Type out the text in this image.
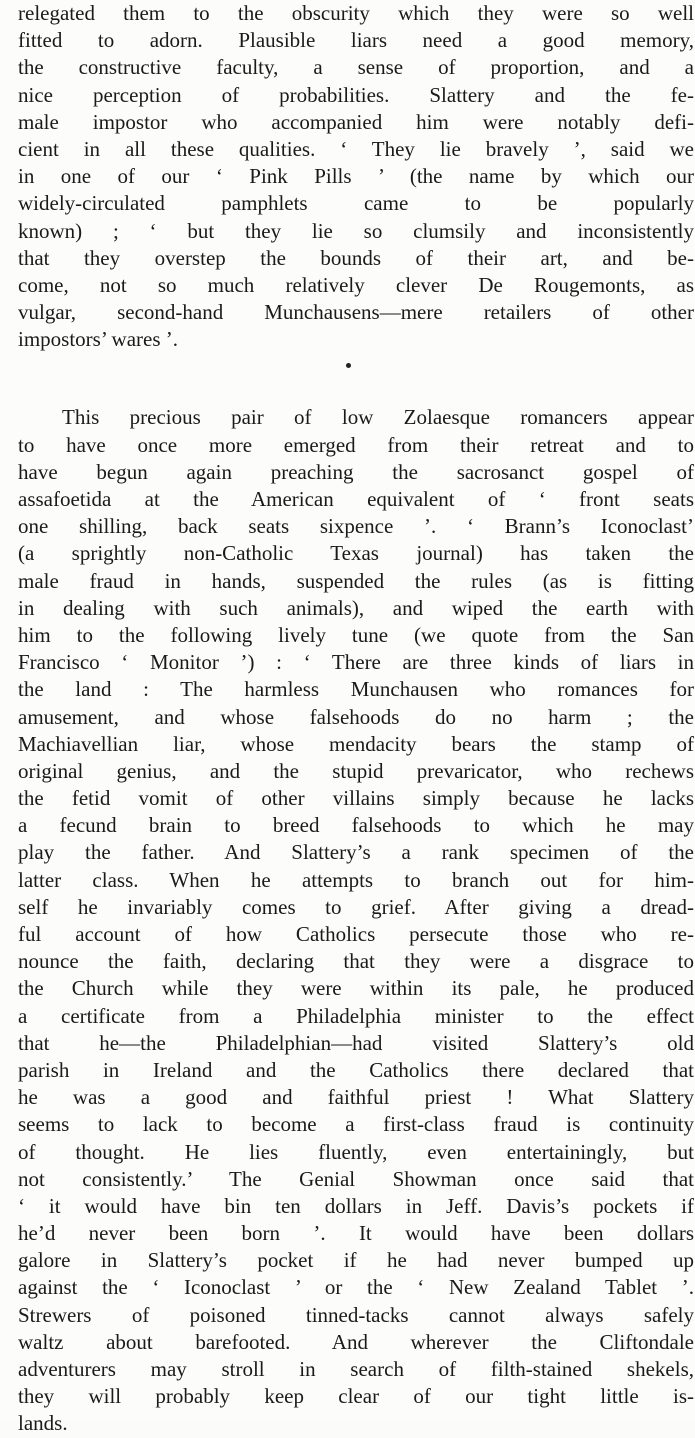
relegated them to the obscurity which they were so well
fitted to adorn. Plausible liars need a good memory,
the constructive faculty, a sense of proportion, and a
nice perception of probabilities. Slattery and the fe-
male impostor who accompanied him were notably defi-
cient in all these qualities. ‘ They lie bravely ’, said we
in one of our ‘ Pink Pills ’ (the name by which our
widely-circulated pamphlets came to be popularly
known) ; ‘ but they lie so clumsily and inconsistently
that they overstep the bounds of their art, and be-
come, not so much relatively clever De Rougemonts, as
vulgar, second-hand Munchausens—mere retailers of other
impostors’ wares ’.
This precious pair of low Zolaesque romancers appear
to have once more emerged from their retreat and to
have begun again preaching the sacrosanct gospel of
assafoetida at the American equivalent of ‘ front seats
one shilling, back seats sixpence ’. ‘ Brann’s Iconoclast’
(a sprightly non-Catholic Texas journal) has taken the
male fraud in hands, suspended the rules (as is fitting
in dealing with such animals), and wiped the earth with
him to the following lively tune (we quote from the San
Francisco ‘ Monitor ’) : ‘ There are three kinds of liars in
the land : The harmless Munchausen who romances for
amusement, and whose falsehoods do no harm ; the
Machiavellian liar, whose mendacity bears the stamp of
original genius, and the stupid prevaricator, who rechews
the fetid vomit of other villains simply because he lacks
a fecund brain to breed falsehoods to which he may
play the father. And Slattery’s a rank specimen of the
latter class. When he attempts to branch out for him-
self he invariably comes to grief. After giving a dread-
ful account of how Catholics persecute those who re-
nounce the faith, declaring that they were a disgrace to
the Church while they were within its pale, he produced
a certificate from a Philadelphia minister to the effect
that he—the Philadelphian—had visited Slattery’s old
parish in Ireland and the Catholics there declared that
he was a good and faithful priest ! What Slattery
seems to lack to become a first-class fraud is continuity
of thought. He lies fluently, even entertainingly, but
not consistently.’ The Genial Showman once said that
‘ it would have bin ten dollars in Jeff. Davis’s pockets if
he’d never been born ’. It would have been dollars
galore in Slattery’s pocket if he had never bumped up
against the ‘ Iconoclast ’ or the ‘ New Zealand Tablet ’.
Strewers of poisoned tinned-tacks cannot always safely
waltz about barefooted. And wherever the Cliftondale
adventurers may stroll in search of filth-stained shekels,
they will probably keep clear of our tight little is-
lands.
